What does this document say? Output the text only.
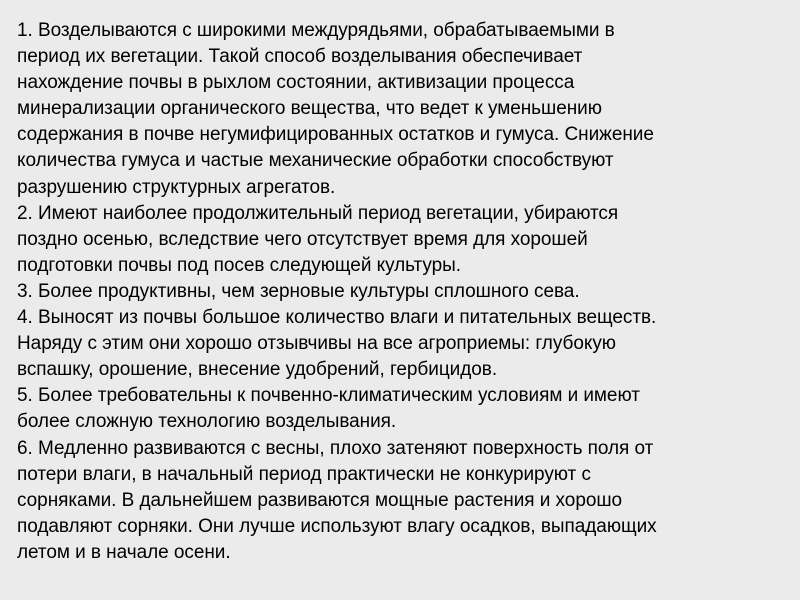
1. Возделываются с широкими междурядьями, обрабатываемыми в
период их вегетации. Такой способ возделывания обеспечивает
нахождение почвы в рыхлом состоянии, активизации процесса
минерализации органического вещества, что ведет к уменьшению
содержания в почве негумифицированных остатков и гумуса. Снижение
количества гумуса и частые механические обработки способствуют
разрушению структурных агрегатов.
2. Имеют наиболее продолжительный период вегетации, убираются
поздно осенью, вследствие чего отсутствует время для хорошей
подготовки почвы под посев следующей культуры.
3. Более продуктивны, чем зерновые культуры сплошного сева.
4. Выносят из почвы большое количество влаги и питательных веществ.
Наряду с этим они хорошо отзывчивы на все агроприемы: глубокую
вспашку, орошение, внесение удобрений, гербицидов.
5. Более требовательны к почвенно-климатическим условиям и имеют
более сложную технологию возделывания.
6. Медленно развиваются с весны, плохо затеняют поверхность поля от
потери влаги, в начальный период практически не конкурируют с
сорняками. В дальнейшем развиваются мощные растения и хорошо
подавляют сорняки. Они лучше используют влагу осадков, выпадающих
летом и в начале осени.
